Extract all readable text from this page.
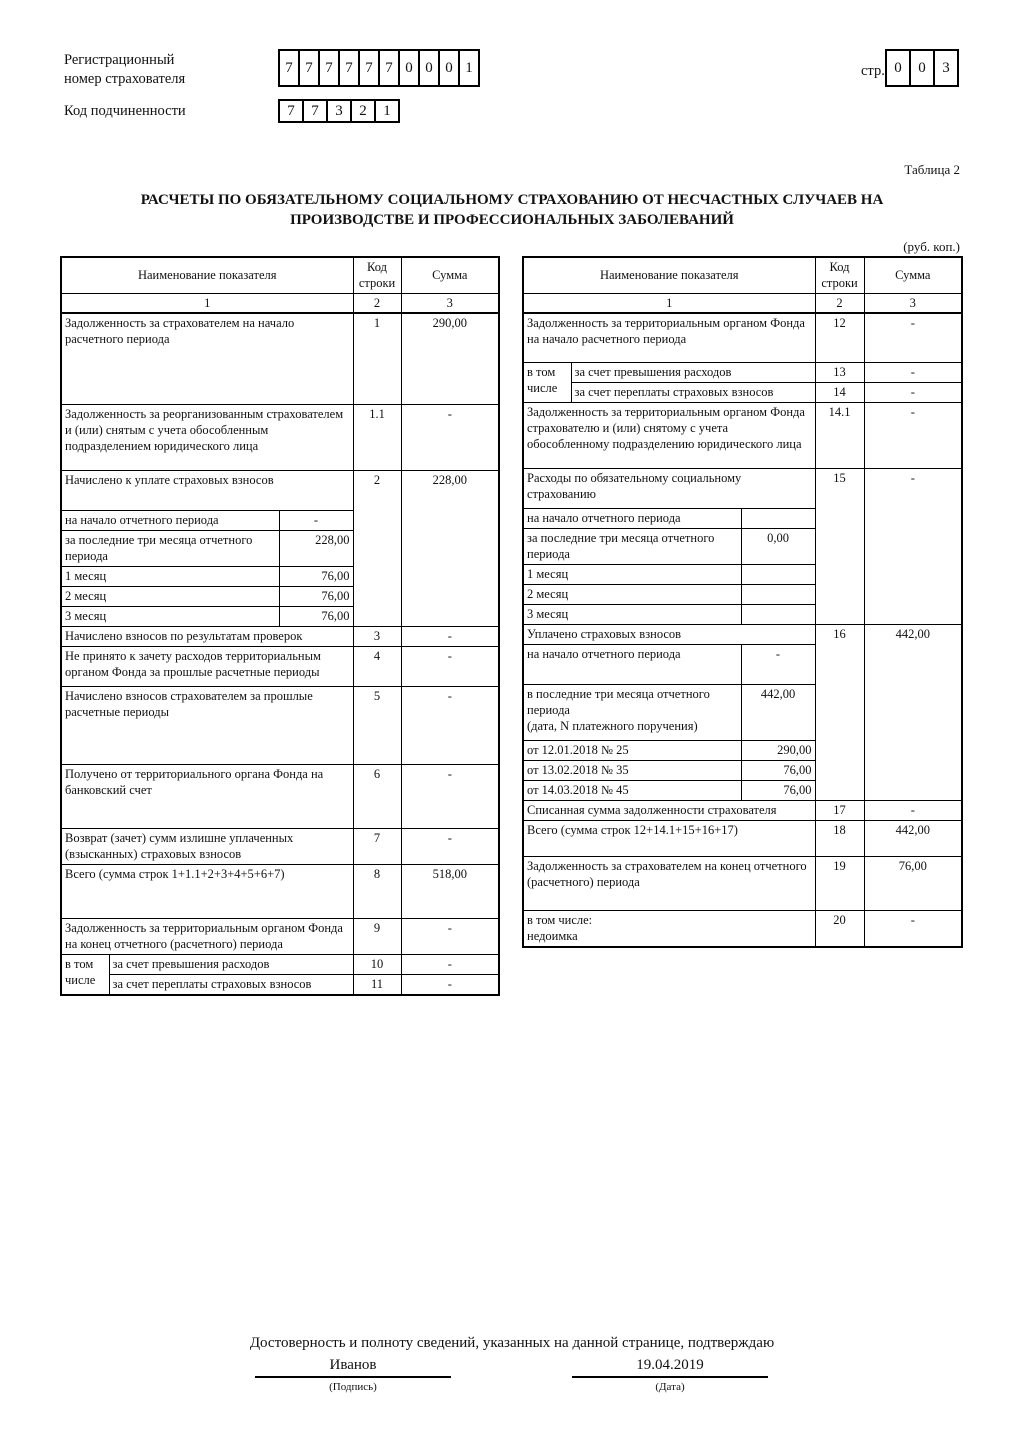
Регистрационный
номер страхователя
7 7 7 7 7 7 0 0 0 1
Код подчиненности	7	7	3	2	1
стр. 0	0	3
Таблица 2
РАСЧЕТЫ ПО ОБЯЗАТЕЛЬНОМУ СОЦИАЛЬНОМУ СТРАХОВАНИЮ ОТ НЕСЧАСТНЫХ СЛУЧАЕВ НА
ПРОИЗВОДСТВЕ И ПРОФЕССИОНАЛЬНЫХ ЗАБОЛЕВАНИЙ
(руб. коп.)
Наименование показателя			Код
строки	Сумма
1			2	3
Задолженность за страхователем на начало расчетного периода			1	290,00
Задолженность за реорганизованным страхователем и (или) снятым с учета обособленным подразделением юридического лица			1.1	-
Начислено к уплате страховых взносов			2	228,00
на начало отчетного периода		-		
за последние три месяца отчетного периода		228,00		
1 месяц		76,00		
2 месяц		76,00		
3 месяц		76,00		
Начислено взносов по результатам проверок			3	-
Не принято к зачету расходов территориальным органом Фонда за прошлые расчетные периоды			4	-
Начислено взносов страхователем за прошлые расчетные периоды			5	-
Получено от территориального органа Фонда на банковский счет			6	-
Возврат (зачет) сумм излишне уплаченных (взысканных) страховых взносов			7	-
Всего (сумма строк 1+1.1+2+3+4+5+6+7)			8	518,00
Задолженность за территориальным органом Фонда на конец отчетного (расчетного) периода			9	-
в том
числе	за счет превышения расходов		10	-
	за счет переплаты страховых взносов		11	-
Наименование показателя			Код
строки	Сумма
1			2	3
Задолженность за территориальным органом Фонда на начало расчетного периода			12	-
в том
числе	за счет превышения расходов		13	-
	за счет переплаты страховых взносов		14	-
Задолженность за территориальным органом Фонда страхователю и (или) снятому с учета обособленному подразделению юридического лица			14.1	-
Расходы по обязательному социальному страхованию			15	-
на начало отчетного периода				
за последние три месяца отчетного периода		0,00		
1 месяц				
2 месяц				
3 месяц				
Уплачено страховых взносов			16	442,00
на начало отчетного периода		-		
в последние три месяца отчетного периода
(дата, N платежного поручения)		442,00		
от 12.01.2018 № 25		290,00		
от 13.02.2018 № 35		76,00		
от 14.03.2018 № 45		76,00		
Списанная сумма задолженности страхователя			17	-
Всего (сумма строк 12+14.1+15+16+17)			18	442,00
Задолженность за страхователем на конец отчетного (расчетного) периода			19	76,00
в том числе:
недоимка			20	-
Достоверность и полноту сведений, указанных на данной странице, подтверждаю
Иванов
(Подпись)
19.04.2019
(Дата)
